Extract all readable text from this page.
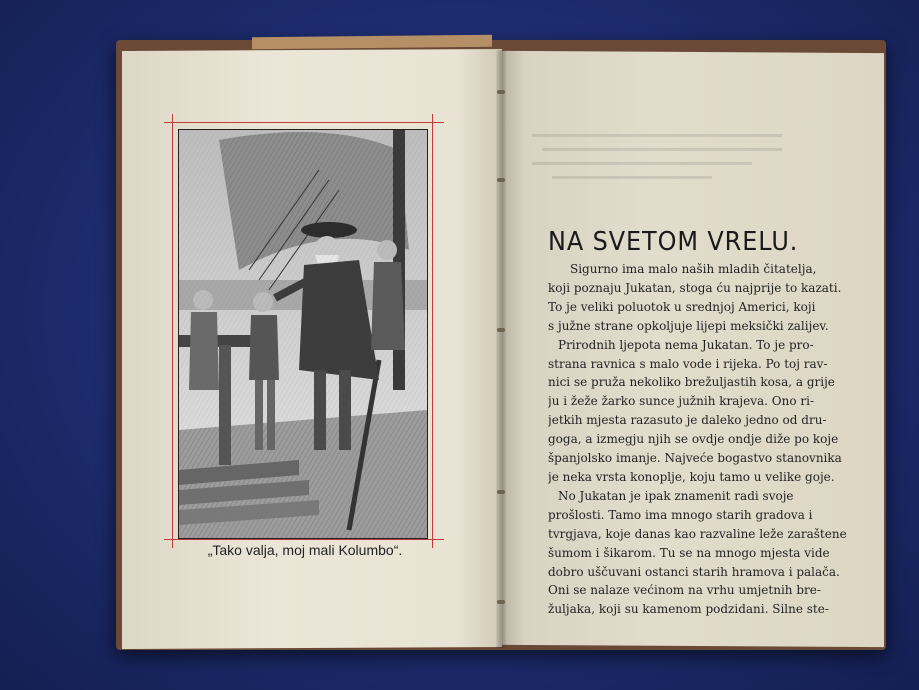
„Tako valja, moj mali Kolumbo“.
NA SVETOM VRELU.

Sigurno ima malo naših mladih čitatelja,

koji poznaju Jukatan, stoga ću najprije to kazati.

To je veliki poluotok u srednjoj Americi, koji

s južne strane opkoljuje lijepi meksički zalijev.

Prirodnih ljepota nema Jukatan. To je pro-

strana ravnica s malo vode i rijeka. Po toj rav-

nici se pruža nekoliko brežuljastih kosa, a grije

ju i žeže žarko sunce južnih krajeva. Ono ri-

jetkih mjesta razasuto je daleko jedno od dru-

goga, a izmegju njih se ovdje ondje diže po koje

španjolsko imanje. Najveće bogastvo stanovnika

je neka vrsta konoplje, koju tamo u velike goje.

No Jukatan je ipak znamenit radi svoje

prošlosti. Tamo ima mnogo starih gradova i

tvrgjava, koje danas kao razvaline leže zaraštene

šumom i šikarom. Tu se na mnogo mjesta vide

dobro uščuvani ostanci starih hramova i palača.

Oni se nalaze većinom na vrhu umjetnih bre-

žuljaka, koji su kamenom podzidani. Silne ste-
